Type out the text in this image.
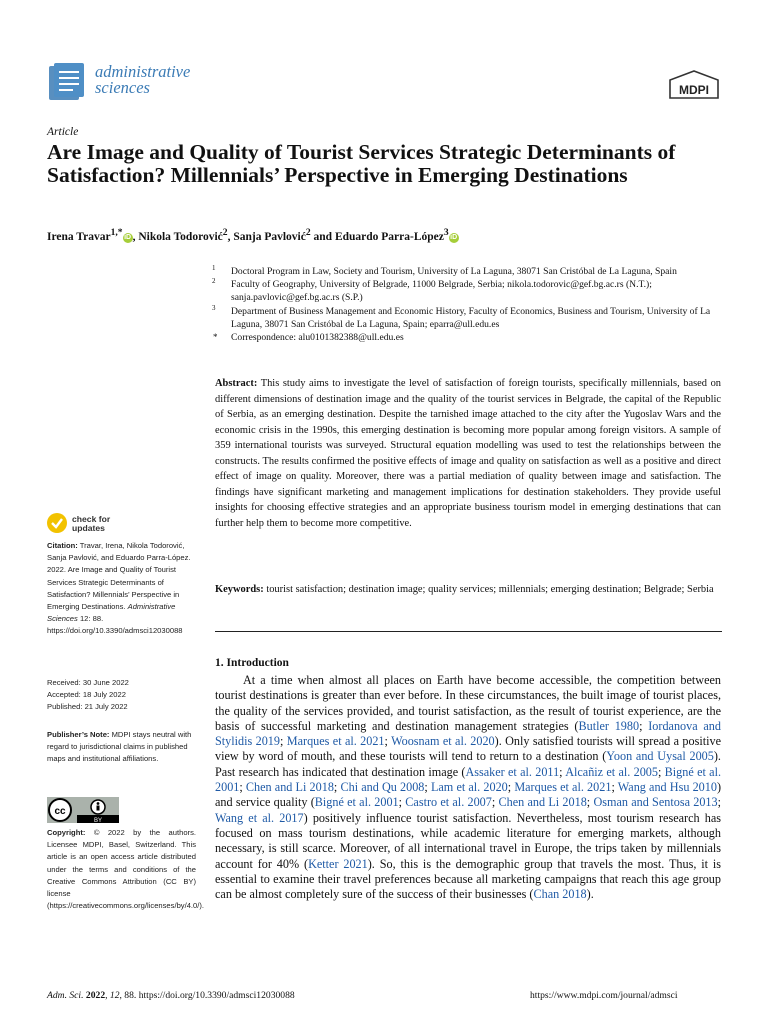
administrative
sciences	MDPI
Article
Are Image and Quality of Tourist Services Strategic Determinants of Satisfaction? Millennials’ Perspective in Emerging Destinations
Irena Travar$^{1,*}$ iD , Nikola Todorović$^2$, Sanja Pavlović$^2$ and Eduardo Parra-López$^3$ iD
1 Doctoral Program in Law, Society and Tourism, University of La Laguna, 38071 San Cristóbal de La Laguna, Spain
2 Faculty of Geography, University of Belgrade, 11000 Belgrade, Serbia; nikola.todorovic@gef.bg.ac.rs (N.T.); sanja.pavlovic@gef.bg.ac.rs (S.P.)
3 Department of Business Management and Economic History, Faculty of Economics, Business and Tourism, University of La Laguna, 38071 San Cristóbal de La Laguna, Spain; eparra@ull.edu.es
* Correspondence: alu0101382388@ull.edu.es
Abstract: This study aims to investigate the level of satisfaction of foreign tourists, specifically millennials, based on different dimensions of destination image and the quality of the tourist services in Belgrade, the capital of the Republic of Serbia, as an emerging destination. Despite the tarnished image attached to the city after the Yugoslav Wars and the economic crisis in the 1990s, this emerging destination is becoming more popular among foreign visitors. A sample of 359 international tourists was surveyed. Structural equation modelling was used to test the relationships between the constructs. The results confirmed the positive effects of image and quality on satisfaction as well as a positive and direct effect of image on quality. Moreover, there was a partial mediation of quality between image and satisfaction. The findings have significant marketing and management implications for destination stakeholders. They provide useful insights for choosing effective strategies and an appropriate business tourism model in emerging destinations that can further help them to become more competitive.
Keywords: tourist satisfaction; destination image; quality services; millennials; emerging destination; Belgrade; Serbia
1. Introduction
At a time when almost all places on Earth have become accessible, the competition between tourist destinations is greater than ever before. In these circumstances, the built image of tourist places, the quality of the services provided, and tourist satisfaction, as the result of tourist experience, are the basis of successful marketing and destination management strategies (Butler 1980; Iordanova and Stylidis 2019; Marques et al. 2021; Woosnam et al. 2020). Only satisfied tourists will spread a positive view by word of mouth, and these tourists will tend to return to a destination (Yoon and Uysal 2005). Past research has indicated that destination image (Assaker et al. 2011; Alcañiz et al. 2005; Bigné et al. 2001; Chen and Li 2018; Chi and Qu 2008; Lam et al. 2020; Marques et al. 2021; Wang and Hsu 2010) and service quality (Bigné et al. 2001; Castro et al. 2007; Chen and Li 2018; Osman and Sentosa 2013; Wang et al. 2017) positively influence tourist satisfaction. Nevertheless, most tourism research has focused on mass tourism destinations, while academic literature for emerging markets, although necessary, is still scarce. Moreover, of all international travel in Europe, the trips taken by millennials account for 40% (Ketter 2021). So, this is the demographic group that travels the most. Thus, it is essential to examine their travel preferences because all marketing campaigns that reach this age group can be almost completely sure of the success of their businesses (Chan 2018).
check for
updates
Citation: Travar, Irena, Nikola Todorović, Sanja Pavlović, and Eduardo Parra-López. 2022. Are Image and Quality of Tourist Services Strategic Determinants of Satisfaction? Millennials’ Perspective in Emerging Destinations. Administrative Sciences 12: 88. https://doi.org/10.3390/admsci12030088
Received: 30 June 2022
Accepted: 18 July 2022
Published: 21 July 2022
Publisher’s Note: MDPI stays neutral with regard to jurisdictional claims in published maps and institutional affiliations.
cc
BY
Copyright: © 2022 by the authors. Licensee MDPI, Basel, Switzerland. This article is an open access article distributed under the terms and conditions of the Creative Commons Attribution (CC BY) license (https://creativecommons.org/licenses/by/4.0/).
Adm. Sci. 2022, 12, 88. https://doi.org/10.3390/admsci12030088	https://www.mdpi.com/journal/admsci
